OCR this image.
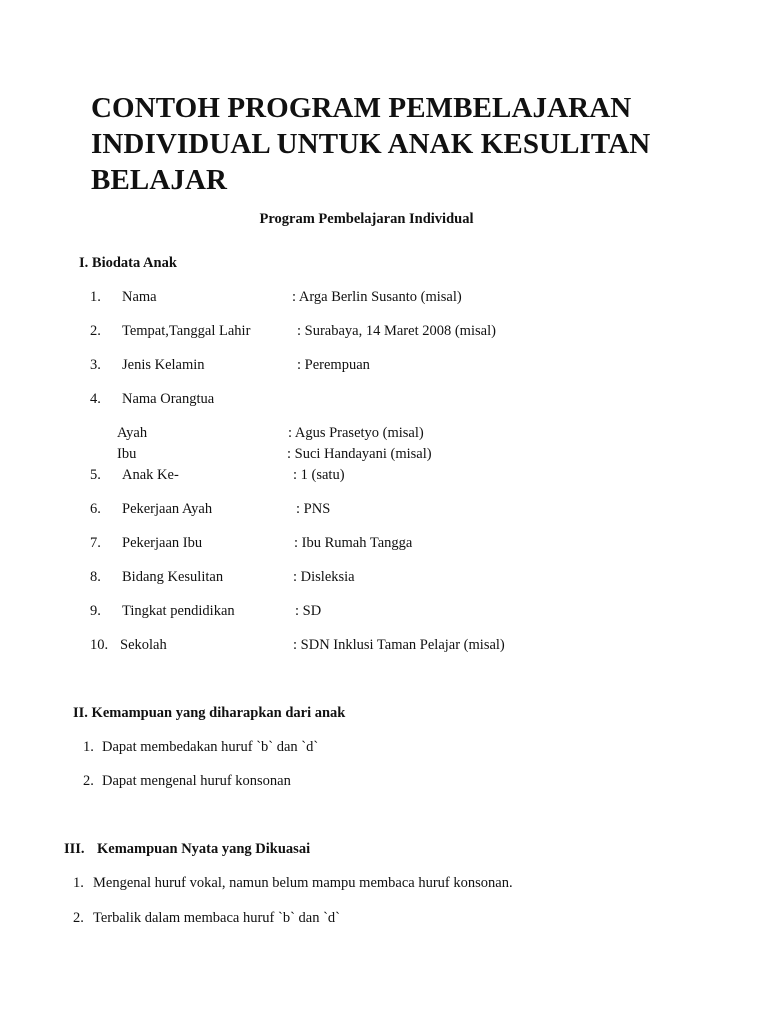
CONTOH PROGRAM PEMBELAJARAN INDIVIDUAL UNTUK ANAK KESULITAN BELAJAR
Program Pembelajaran Individual
I. Biodata Anak
1. Nama	: Arga Berlin Susanto (misal)
2. Tempat,Tanggal Lahir	: Surabaya, 14 Maret 2008 (misal)
3. Jenis Kelamin	: Perempuan
4. Nama Orangtua
Ayah	: Agus Prasetyo (misal)
Ibu	: Suci Handayani (misal)
5. Anak Ke-	: 1 (satu)
6. Pekerjaan Ayah	: PNS
7. Pekerjaan Ibu	: Ibu Rumah Tangga
8. Bidang Kesulitan	: Disleksia
9. Tingkat pendidikan	: SD
10. Sekolah	: SDN Inklusi Taman Pelajar (misal)
II. Kemampuan yang diharapkan dari anak
1. Dapat membedakan huruf `b` dan `d`
2. Dapat mengenal huruf konsonan
III. Kemampuan Nyata yang Dikuasai
1. Mengenal huruf vokal, namun belum mampu membaca huruf konsonan.
2. Terbalik dalam membaca huruf `b` dan `d`
